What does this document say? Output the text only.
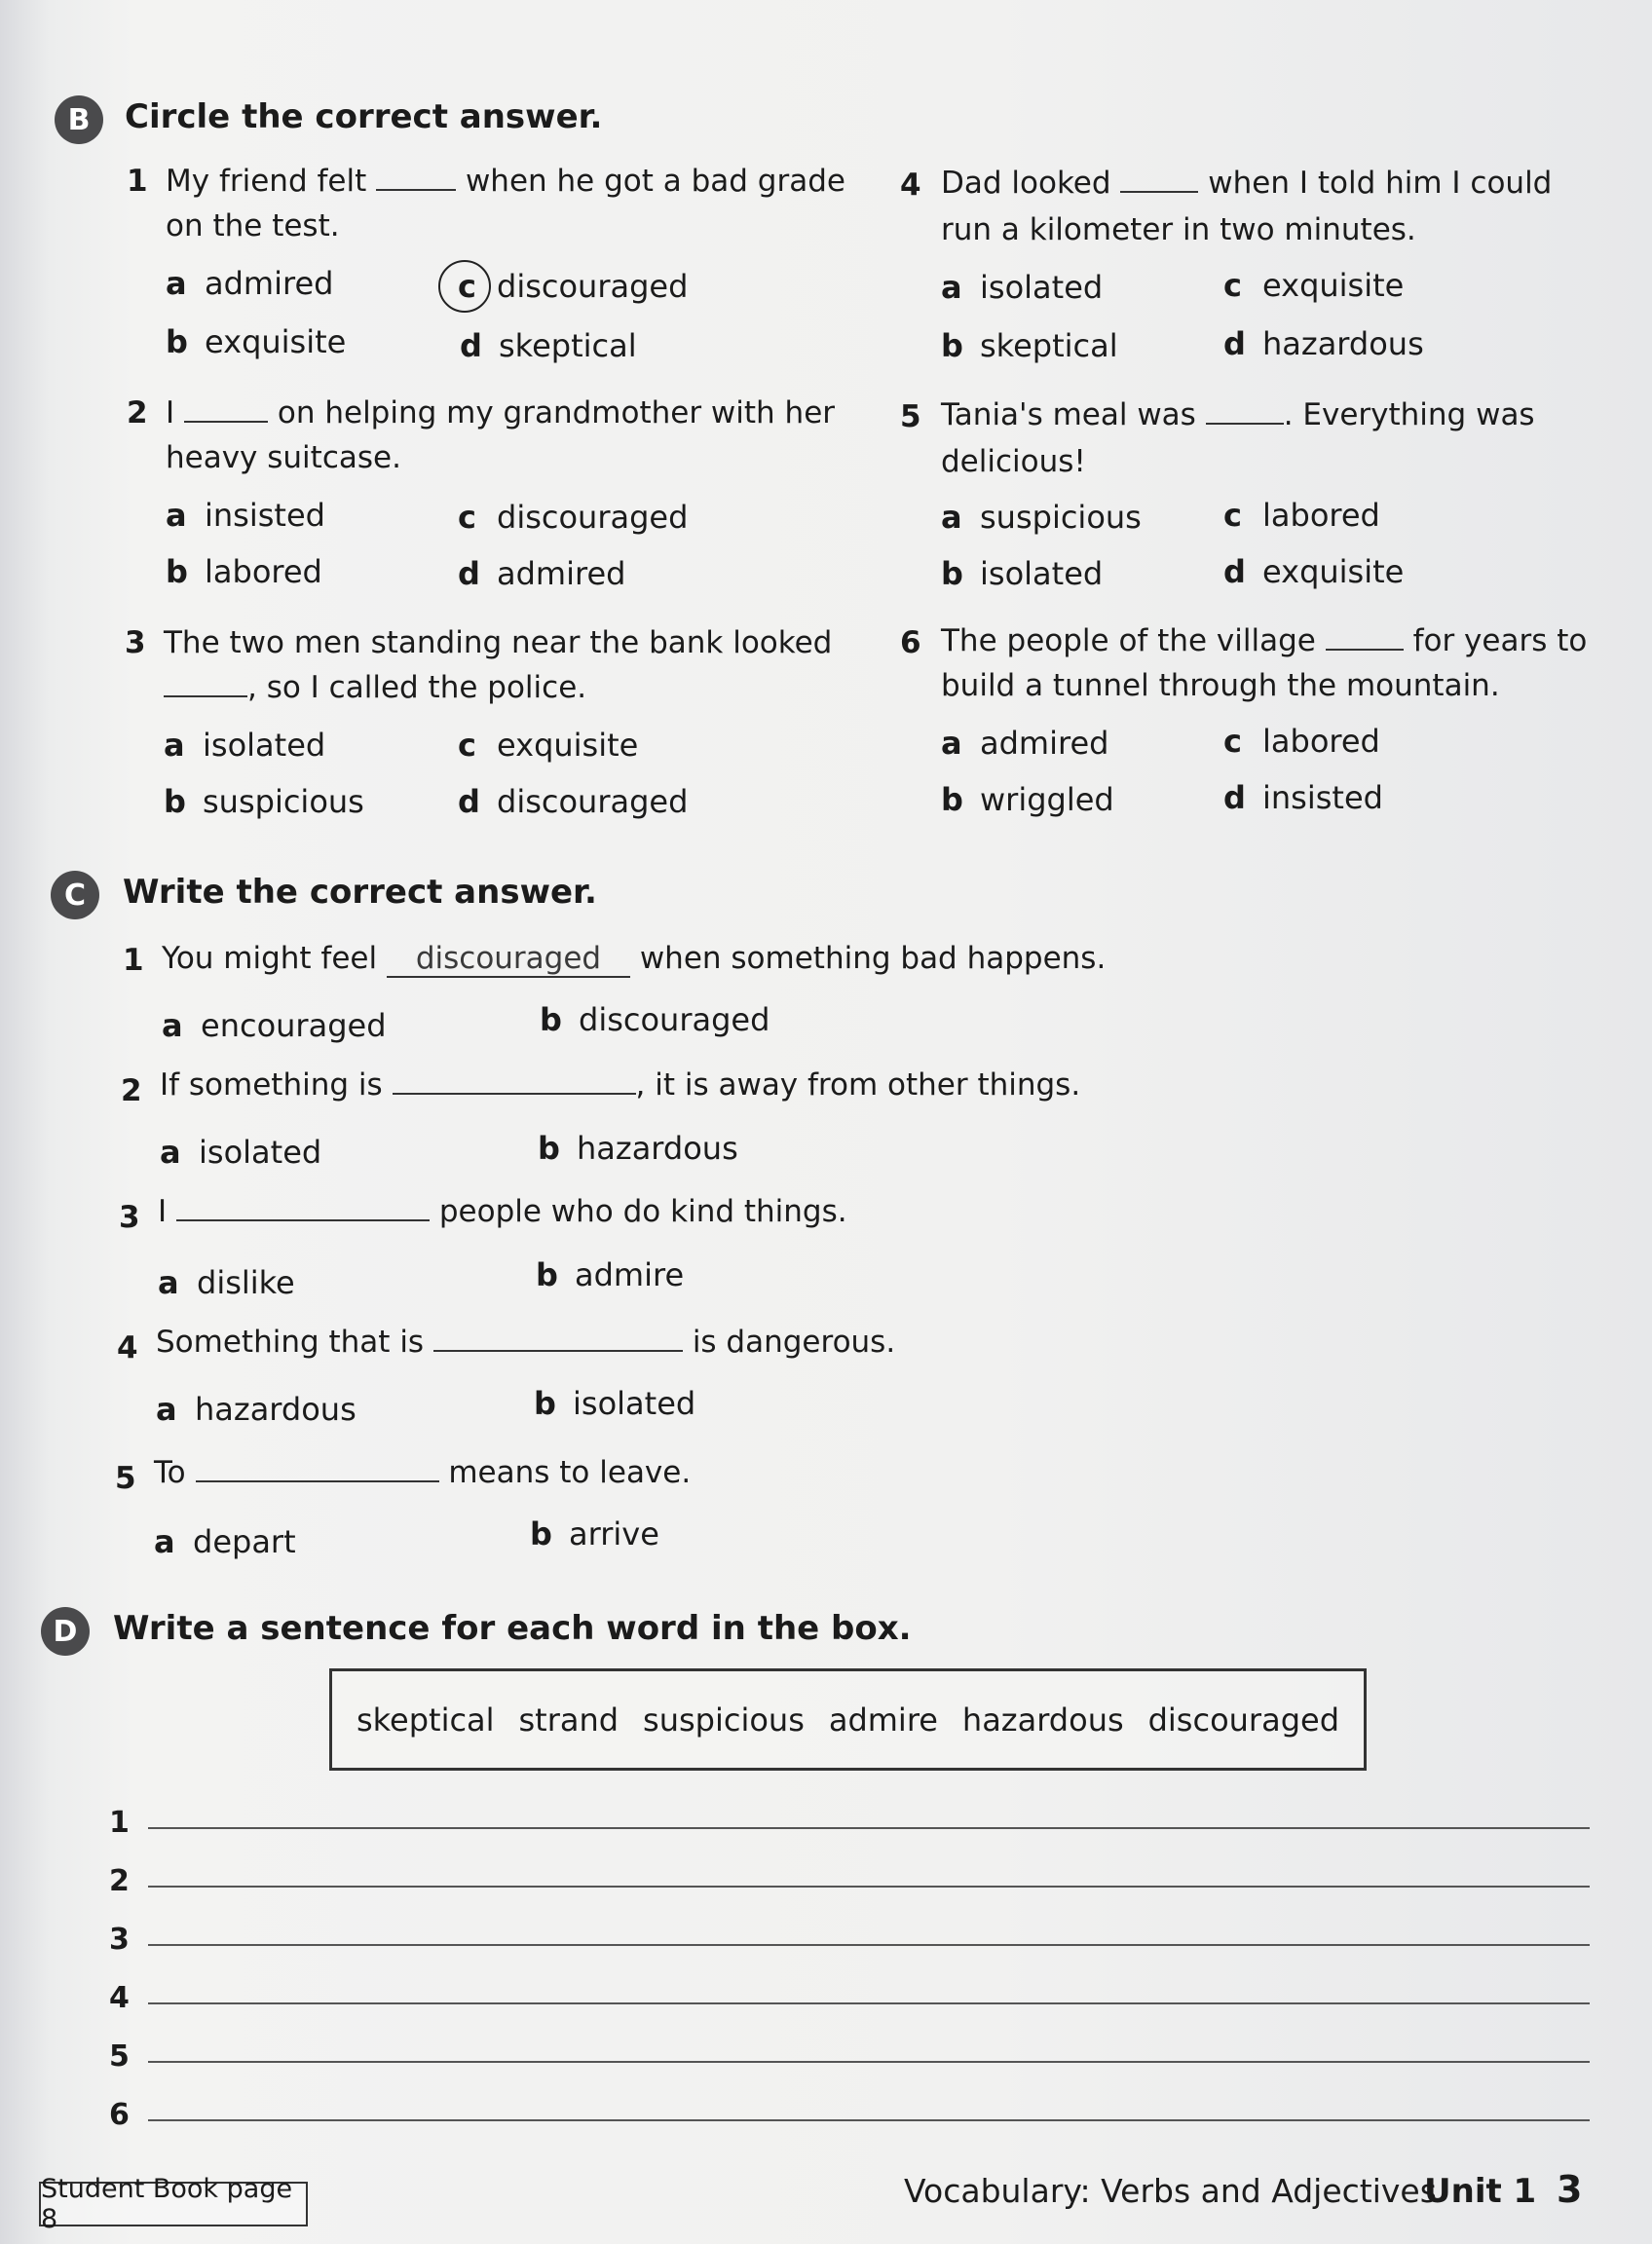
B	Circle the correct answer.
1 My friend felt	when he got a bad grade
on the test.
a admired	c discouraged
b exquisite	d skeptical
2 I	on helping my grandmother with her
heavy suitcase.
a insisted	c discouraged
b labored	d admired
3 The two men standing near the bank looked
, so I called the police.
a isolated	c exquisite
b suspicious	d discouraged
4 Dad looked	when I told him I could
run a kilometer in two minutes.
a isolated	c exquisite
b skeptical	d hazardous
5 Tania's meal was	. Everything was
delicious!
a suspicious	c labored
b isolated	d exquisite
6 The people of the village	for years to
build a tunnel through the mountain.
a admired	c labored
b wriggled	d insisted
C	Write the correct answer.
1 You might feel discouraged when something bad happens.
a encouraged	b discouraged
2 If something is	, it is away from other things.
a isolated	b hazardous
3 I	people who do kind things.
a dislike	b admire
4 Something that is	is dangerous.
a hazardous	b isolated
5 To	means to leave.
a depart	b arrive
D	Write a sentence for each word in the box.
skeptical strand suspicious admire hazardous discouraged
1
2
3
4
5
6
Student Book page 8
Vocabulary: Verbs and Adjectives
Unit 1 3
